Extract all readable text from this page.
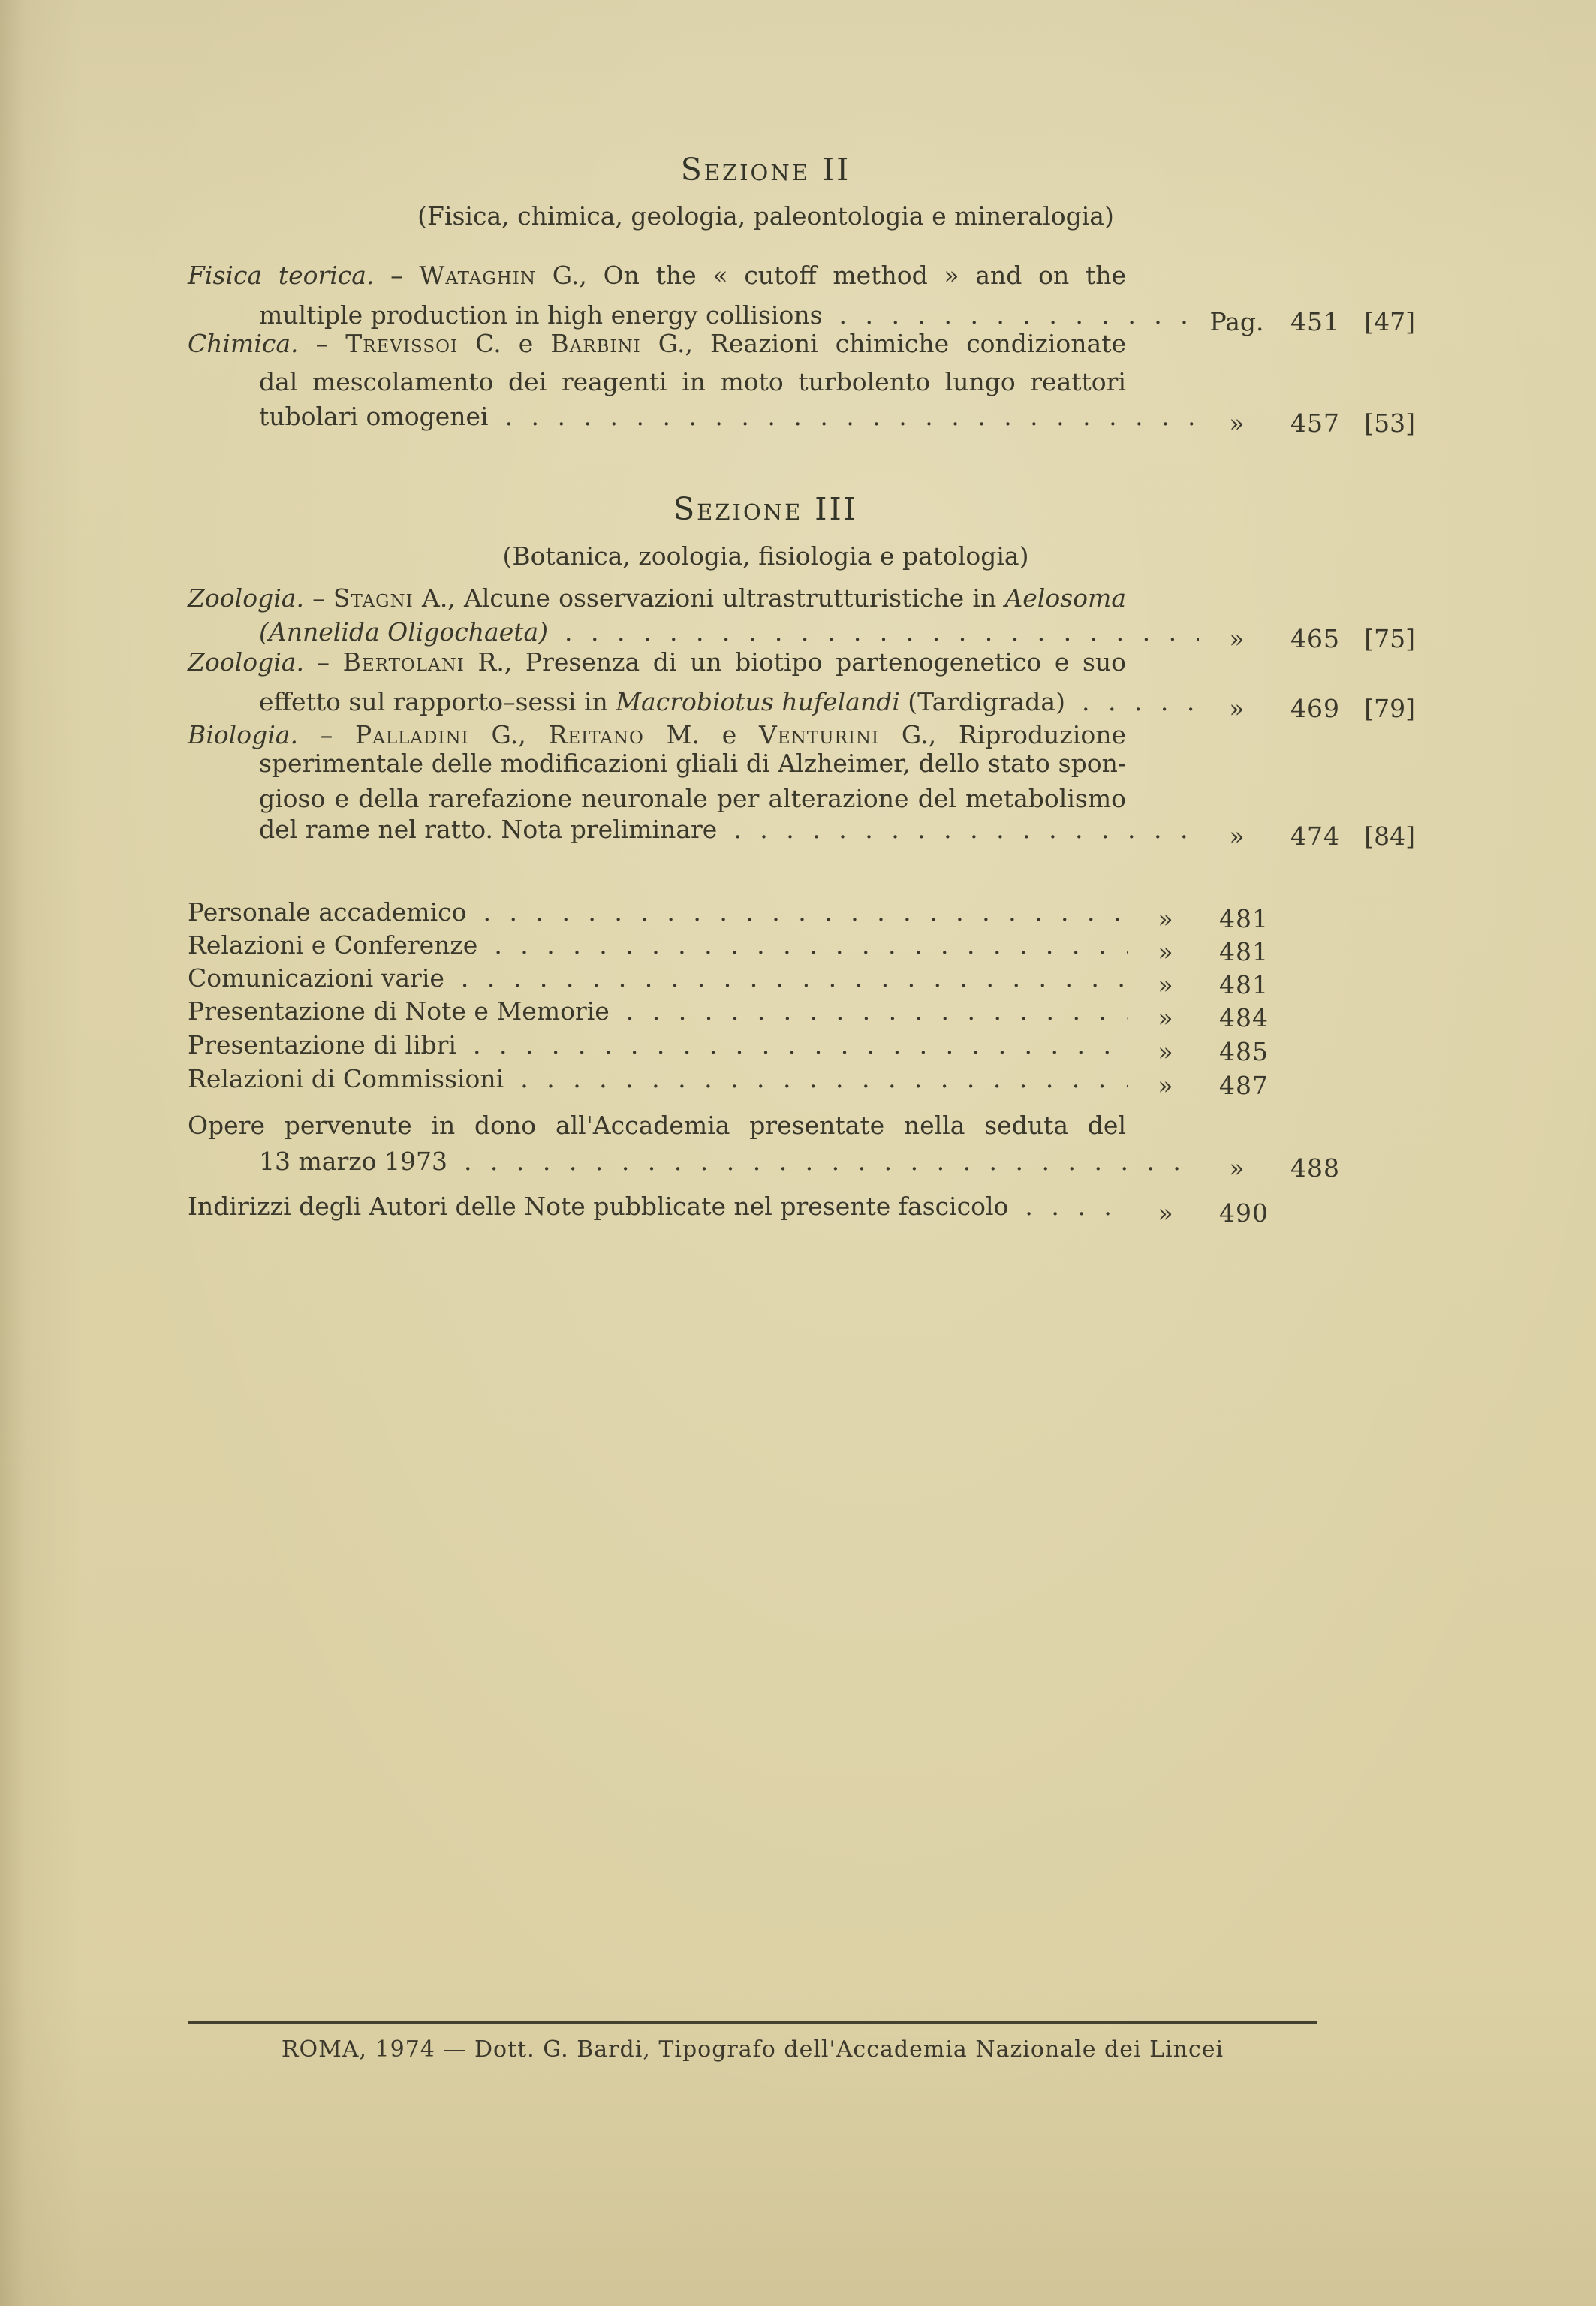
Sezione II
(Fisica, chimica, geologia, paleontologia e mineralogia)
Fisica teorica. – Wataghin G., On the « cutoff method » and on the
multiple production in high energy collisions . . .	Pag.	451 [47]
Chimica. – Trevissoi C. e Barbini G., Reazioni chimiche condizionate
dal mescolamento dei reagenti in moto turbolento lungo reattori
tubolari omogenei . . .	»	457 [53]
Sezione III
(Botanica, zoologia, fisiologia e patologia)
Zoologia. – Stagni A., Alcune osservazioni ultrastrutturistiche in Aelosoma
(Annelida Oligochaeta) . . .	»	465 [75]
Zoologia. – Bertolani R., Presenza di un biotipo partenogenetico e suo
effetto sul rapporto–sessi in Macrobiotus hufelandi (Tardigrada) . . .	»	469 [79]
Biologia. – Palladini G., Reitano M. e Venturini G., Riproduzione
sperimentale delle modificazioni gliali di Alzheimer, dello stato spon-
gioso e della rarefazione neuronale per alterazione del metabolismo
del rame nel ratto. Nota preliminare . . .	»	474 [84]
Personale accademico . . .	»	481
Relazioni e Conferenze . . .	»	481
Comunicazioni varie . . .	»	481
Presentazione di Note e Memorie . . .	»	484
Presentazione di libri . . .	»	485
Relazioni di Commissioni . . .	»	487
Opere pervenute in dono all'Accademia presentate nella seduta del
13 marzo 1973 . . .	»	488
Indirizzi degli Autori delle Note pubblicate nel presente fascicolo . . .	»	490
ROMA, 1974 — Dott. G. Bardi, Tipografo dell'Accademia Nazionale dei Lincei
